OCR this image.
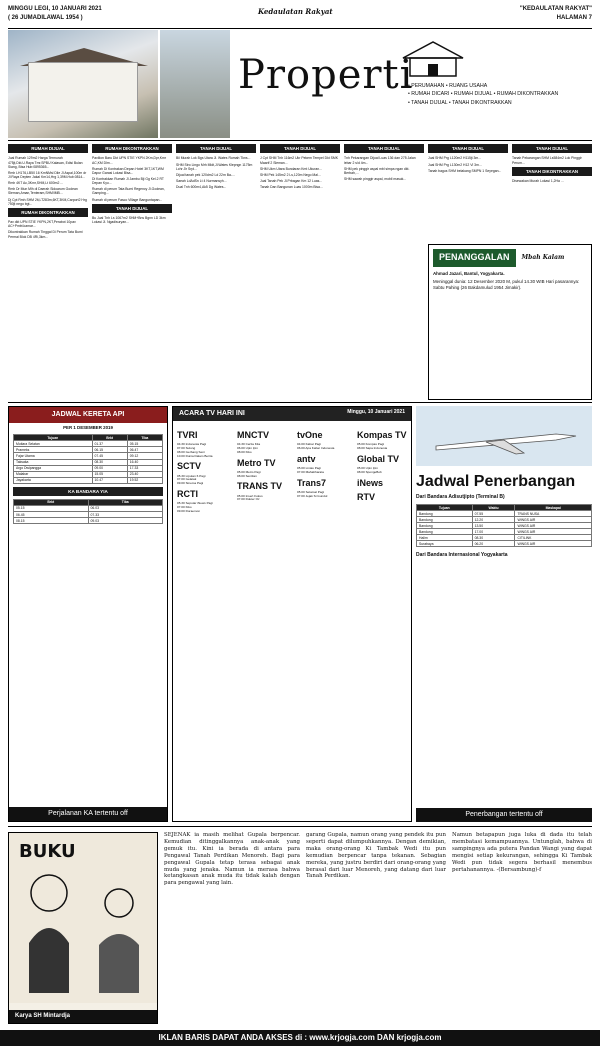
MINGGU LEGI, 10 JANUARI 2021
( 26 JUMADILAWAL 1954 )
Kedaulatan Rakyat	"KEDAULATAN RAKYAT"
HALAMAN 7
Properti
• PERUMAHAN • RUANG USAHA
• RUMAH DICARI • RUMAH DIJUAL • RUMAH DIKONTRAKKAN
• TANAH DIJUAL • TANAH DIKONTRAKKAN
RUMAH DIJUAL

Jual Rumah 129m2 Harga Termurah 475jt,Dkt.U.Raya Tmr.SPBU Kalasan, Edisi Bulan Siang, Bisa Hub:0895365...

Rmh LH176,LB50 16 KmNMsl Dile Jl Aspal,100m dr Jl Raya Depten Jakal Km14,Hrg 1,39M.Hub:0814...

Rmh 4KT Ac,3Kmr,SHM,Lt 600m2 ...

Rmh Dr Mun Mlh di Daerah Sidoarum Godean Sleman,Aman,Tenteram,SHM/IMB...

Dj Cpt Rmh SHM 2lt,LT283m,6KT,3KM,Carport2 Hrg 750jt nego bgt...

RUMAH DIKONTRAKKAN

Pav dkt UPN STIE YKPN,2KT,Perabot 10pav AC+Pmbt.kamar...

Dikontrakkan Rumah Tinggal Di Perum Tata Bumi Permai Blok DB 4Ri,3km...

RUMAH DIKONTRAKKAN

Pavilion Baru Dkt UPN STIE YKPN 2Km,Dpr,Kmr AC,KM Dlm...

Rumah Di Kontrakan Depan Hotel 3KT,1KT,WM Dapur Garasi Lokasi Bisa...

Di Kontrakkan Rumah Jl Jambu Bji Gg Kel.2 RT Depan Kyu...

Rumah di perum Tata Bumi Regency Jl.Godean, Gamping...

Rumah di perum Fasco Village Banguntapan...

TANAH DIJUAL

Bu Jual Tnh Ls 1067m2 SHM+Bns Bgnn LD 3km Lokasi Jl. Ngadisuryan...

TANAH DIJUAL

Bil Murah Lok Bgs Utara Jl. Wates Rumah Tkns...

SHM Stro Lingo Mrh Mldt,Jl.Wates Klepngn 1175m Lchr Jlr Srpl...

Dijual tanah pek 120dm2 Ld 22m Ba-...

Saeah LdAdSn Lt 4 Nurmansyh...

Dual Tnh 600m4,Ak5 Dg Wates...

TANAH DIJUAL

J Cpt SHM Tnh 116m2 Ukr Pekem Tempel Dkt SMK Maarif 2 Sleman...

SHM Ukm Utara Bundaran Kmt Ukuran...

SHM Pek 145m2 2 Ls,120m Nego Mal...

Jual Tanah Pek Jl.Prbagan Km 12 Luas...

Tanah Dan Bangunan Luas 1000m Bisa...

TANAH DIJUAL

Tnh Pekarangan Dijual Luas 136 dan 275 Jalan lebar 2 s/d 4m...

SHM pek pinggir aspal mbl simpa ngan dkt. Berbah,...

SHM sawah pinggir aspal, mobil masuk...

TANAH DIJUAL

Jual SHM Prg L120m2 H115jt 3m...

Jual SHM Prg L130m2 H12 Vl 3m...

Tanah bagus SHM belakang SMPN 1 Seyegan...

TANAH DIJUAL

Tanah Pekarangan SHM Ls584m2 Lok Pinggir Perum...

TANAH DIKONTRAKKAN

Disewakan Murah Lokasi 1,2Ha ...

PENANGGALAN	Mbah Kalam
Ahmad Jazari, Bantul, Yogyakarta.
Meninggal dunia: 12 Desember 2020 M, pukul 14.30 WIB Hari pasarannya: Sabtu Pahing (26 Bakdamulud 1954 Jimakir).
JADWAL KERETA API
PER 1 DESEMBER 2019
Tujuan	Brkt	Tiba
Mutiara Selatan	01.37	05.15
Prameks	06.15	06.47
Fajar Utama	07.45	09.12
Taksaka	08.30	16.40
Argo Dwipangga	09.00	17.33
Malabar	15.05	23.40
Jayakarta	10.47	19.52
KA BANDARA YIA
Brkt	Tiba
05.15	06.03
06.45	07.33
08.15	09.03
Perjalanan KA tertentu off
ACARA TV HARI INI	Minggu, 10 Januari 2021
TVRI
04.30 Indonesia Pagi
07.00 Sulung
08.00 Gerbang Seni
10.00 Dunia Dalam Berita
SCTV
05.30 Liputan 6 Pagi
07.00 Gelatak
09.00 Sinema Pagi
RCTI
05.30 Seputar iNews Pagi
07.00 Kiko
09.00 Doraemon
MNCTV
04.30 Cerita Kita
06.00 Upin Ipin
08.00 Kiko
Metro TV
05.00 Metro Pagi
08.00 Sentilan
TRANS TV
05.00 Insert Fokus
07.00 Dokter Oz
tvOne
04.00 Kabar Pagi
06.00 Apa Kabar Indonesia
antv
05.00 Lintas Pagi
07.00 Mahabharata
Trans7
05.00 Selamat Pagi
07.00 Jejak Si Gundul
Kompas TV
05.00 Kompas Pagi
08.00 Sapa Indonesia
Global TV
05.00 Upin Ipin
08.00 SpongeBob
iNews
RTV
Jadwal Penerbangan
Dari Bandara Adisutjipto (Terminal B)
Tujuan	Waktu	Maskapai
Bandung	07.55	TRANS NUSA
Bandung	12.20	WINGS AIR
Bandung	13.50	WINGS AIR
Bandung	17.00	WINGS AIR
Halim	08.30	CITILINK
Surabaya	06.20	WINGS AIR
Dari Bandara Internasional Yogyakarta
Penerbangan tertentu off
BUKU
Karya SH Mintardja
SEJENAK ia masih melihat Gupala berpencar. Kemudian ditinggalkannya anak-anak yang gemuk itu. Kini ia berada di antara para Pengawal Tanah Perdikan Menoreh. Bagi para pengawal Gupala tetap terasa sebagai anak muda yang jenaka. Namun ia merasa bahwa ketangkasan anak muda itu tidak kalah dengan para pengawal yang lain.
garang Gupala, namun orang yang pendek itu pun seperti dapat dilumpuhkannya. Dengan demikian, maka orang-orang Ki Tambak Wedi itu pun kemudian berpencar tanpa tekanan. Sebagian mereka, yang justru berdiri dari orang-orang yang berasal dari luar Menoreh, yang datang dari luar Tanah Perdikan.
Namun betapapun juga luka di dada itu telah membatasi kemampuannya. Untunglah, bahwa di sampingnya ada putera Pandan Wangi yang dapat mengisi setiap kekurangan, sehingga Ki Tambak Wedi pun tidak segera berhasil menembus pertahanannya. -(Bersambung)-f
IKLAN BARIS DAPAT ANDA AKSES di : www.krjogja.com DAN krjogja.com
